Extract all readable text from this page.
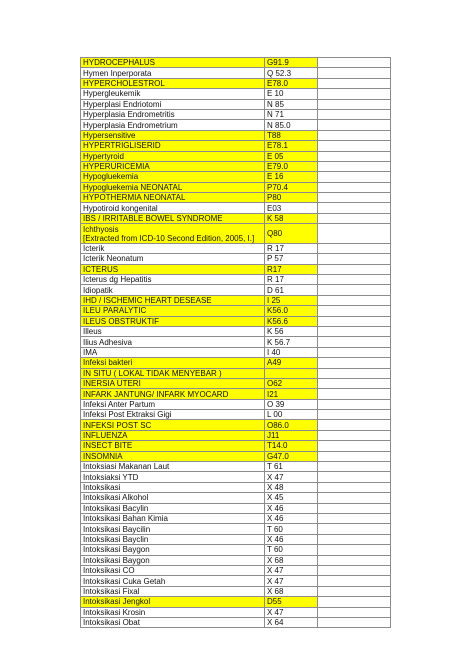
HYDROCEPHALUS	G91.9	
Hymen Inperporata	Q 52.3	
HYPERCHOLESTROL	E78.0	
Hypergleukemik	E 10	
Hyperplasi Endriotomi	N 85	
Hyperplasia Endrometritis	N 71	
Hyperplasia Endrometrium	N 85.0	
Hypersensitive	T88	
HYPERTRIGLISERID	E78.1	
Hypertyroid	E 05	
HYPERURICEMIA	E79.0	
Hypogluekemia	E 16	
Hypogluekemia NEONATAL	P70.4	
HYPOTHERMIA NEONATAL	P80	
Hypotiroid kongenital	E03	
IBS / IRRITABLE BOWEL SYNDROME	K 58	
Ichthyosis
[Extracted from ICD-10 Second Edition, 2005, I.]	Q80	
Icterik	R 17	
Icterik Neonatum	P 57	
ICTERUS	R17	
Icterus dg Hepatitis	R 17	
Idiopatik	D 61	
IHD / ISCHEMIC HEART DESEASE	I 25	
ILEU PARALYTIC	K56.0	
ILEUS OBSTRUKTIF	K56.6	
Illeus	K 56	
Ilius Adhesiva	K 56.7	
IMA	I 40	
Infeksi bakteri	A49	
IN SITU ( LOKAL TIDAK MENYEBAR )		
INERSIA UTERI	O62	
INFARK JANTUNG/ INFARK MYOCARD	I21	
Infeksi Anter Partum	O 39	
Infeksi Post Ektraksi Gigi	L 00	
INFEKSI POST SC	O86.0	
INFLUENZA	J11	
INSECT BITE	T14.0	
INSOMNIA	G47.0	
Intoksiasi Makanan Laut	T 61	
Intoksiaksi YTD	X 47	
Intoksikasi	X 48	
Intoksikasi Alkohol	X 45	
Intoksikasi Bacylin	X 46	
Intoksikasi Bahan Kimia	X 46	
Intoksikasi Baycilin	T 60	
Intoksikasi Bayclin	X 46	
Intoksikasi Baygon	T 60	
Intoksikasi Baygon	X 68	
Intoksikasi CO	X 47	
Intoksikasi Cuka Getah	X 47	
Intoksikasi Fixal	X 68	
Intoksikasi Jengkol	D55	
Intoksikasi Krosin	X 47	
Intoksikasi Obat	X 64	
